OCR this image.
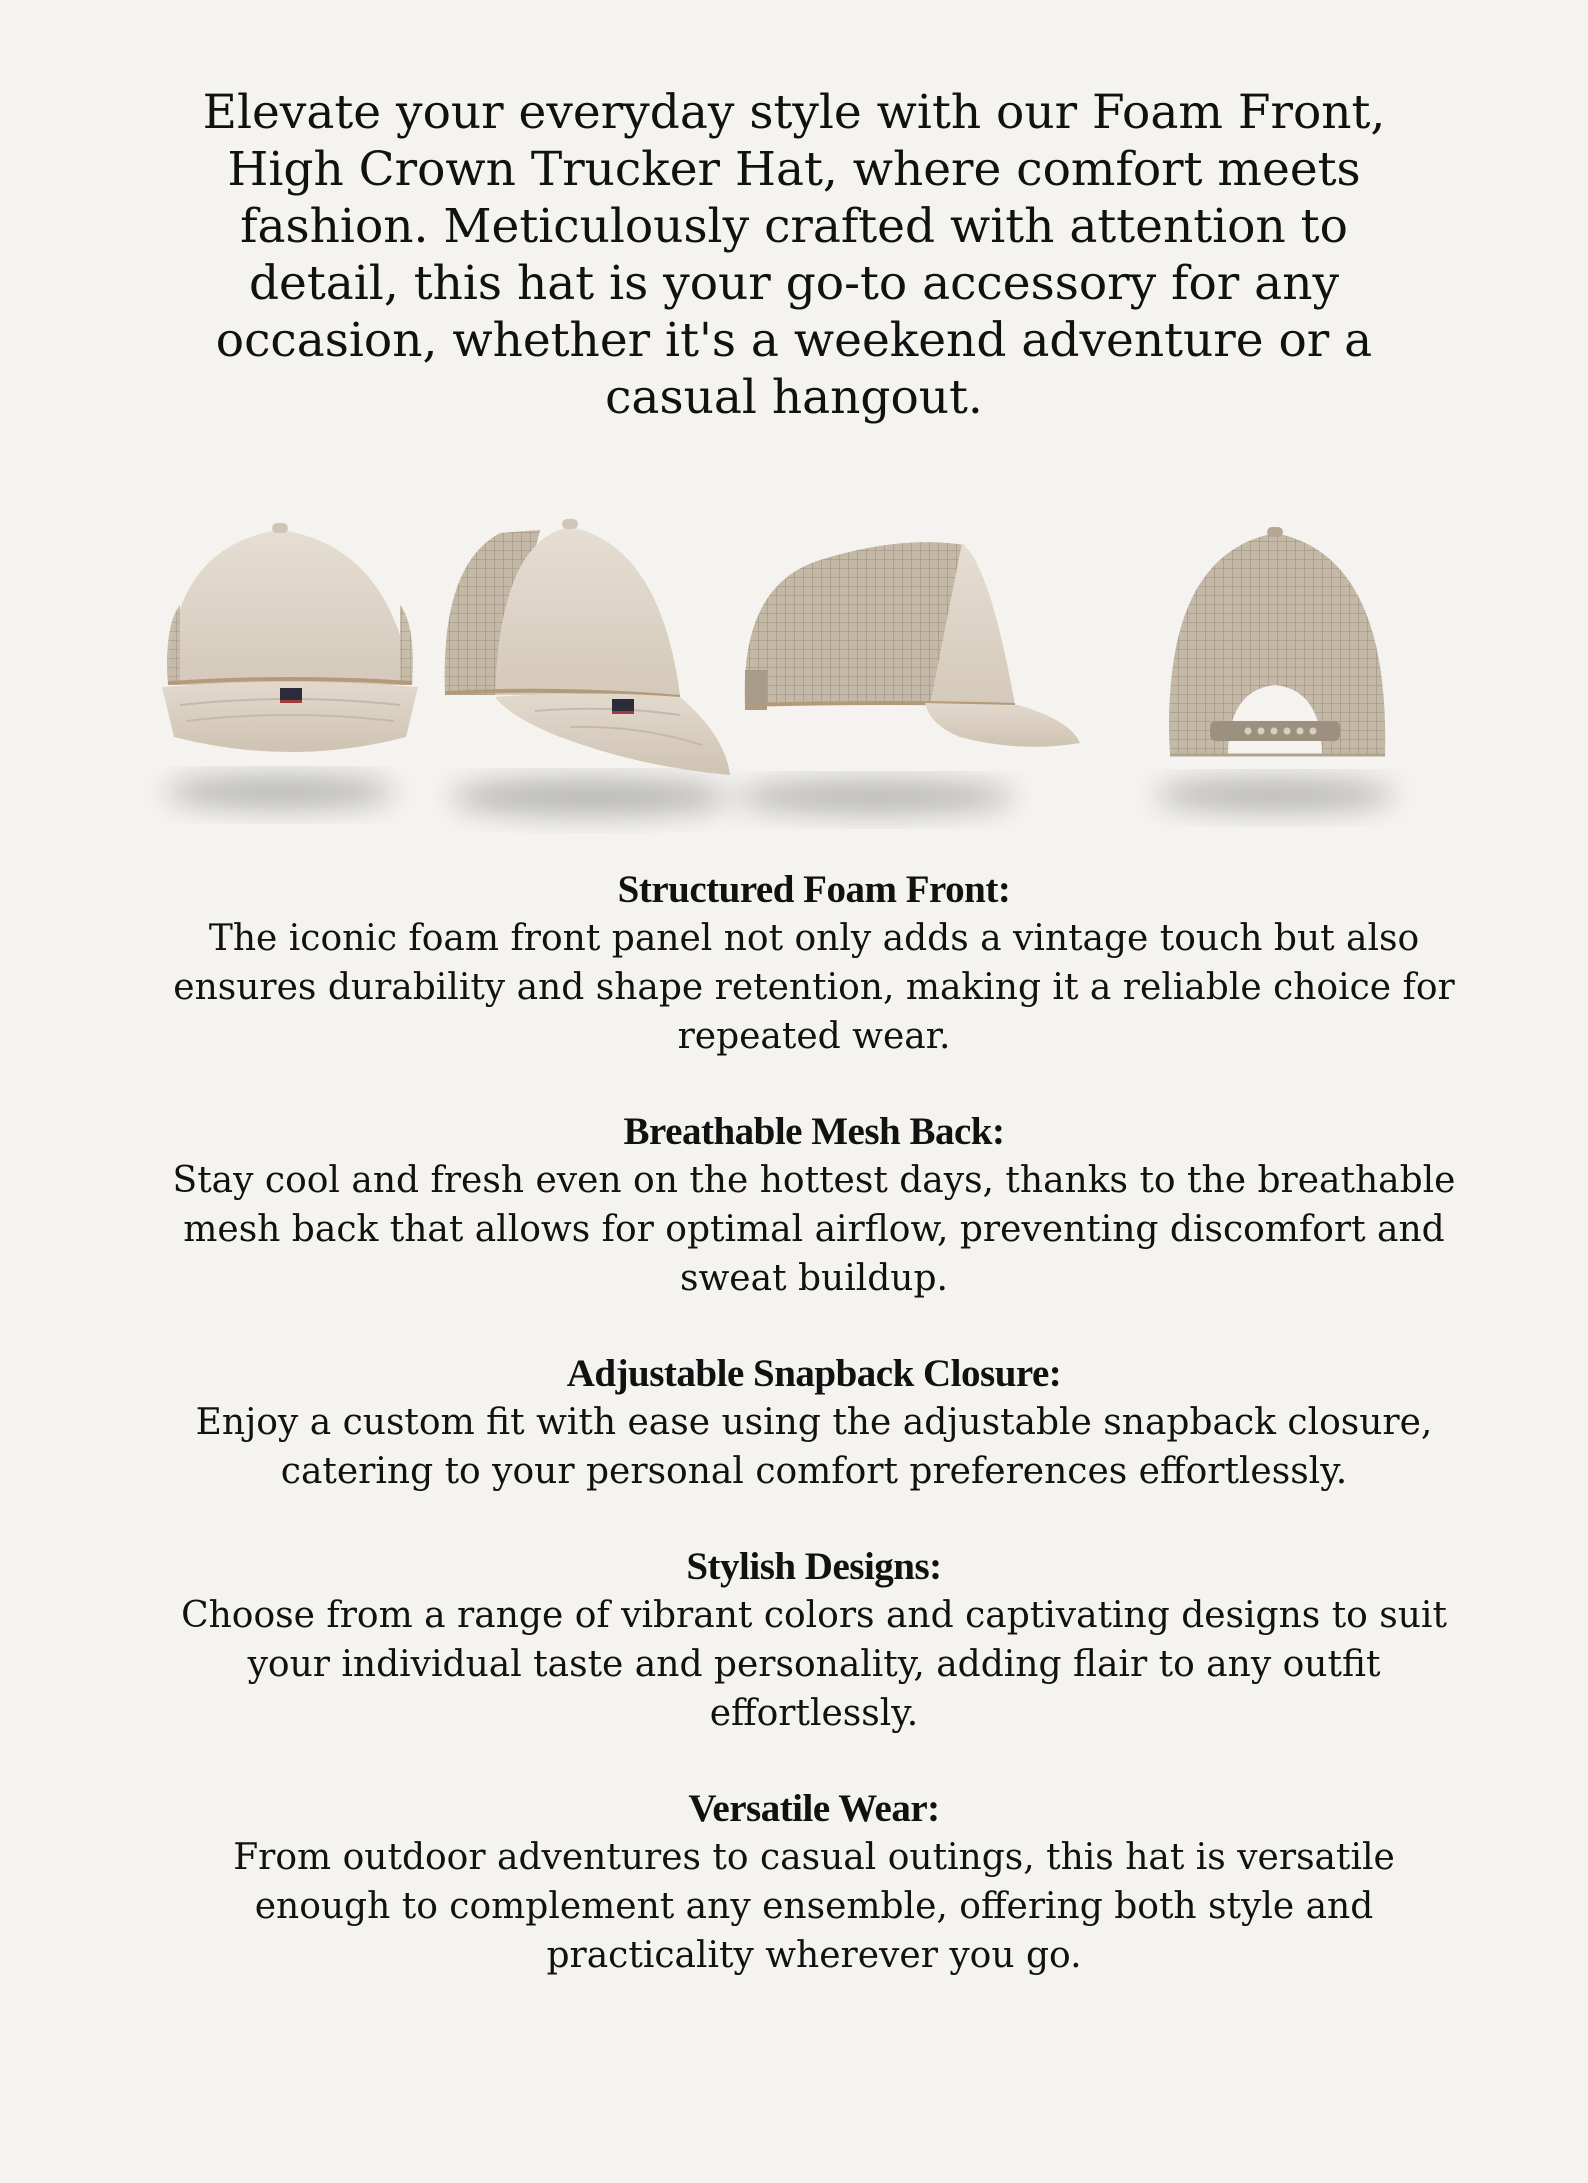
Elevate your everyday style with our Foam Front, High Crown Trucker Hat, where comfort meets fashion. Meticulously crafted with attention to detail, this hat is your go-to accessory for any occasion, whether it's a weekend adventure or a casual hangout.

Structured Foam Front:
The iconic foam front panel not only adds a vintage touch but also ensures durability and shape retention, making it a reliable choice for repeated wear.
Breathable Mesh Back:
Stay cool and fresh even on the hottest days, thanks to the breathable mesh back that allows for optimal airflow, preventing discomfort and sweat buildup.
Adjustable Snapback Closure:
Enjoy a custom fit with ease using the adjustable snapback closure, catering to your personal comfort preferences effortlessly.
Stylish Designs:
Choose from a range of vibrant colors and captivating designs to suit your individual taste and personality, adding flair to any outfit effortlessly.
Versatile Wear:
From outdoor adventures to casual outings, this hat is versatile enough to complement any ensemble, offering both style and practicality wherever you go.
